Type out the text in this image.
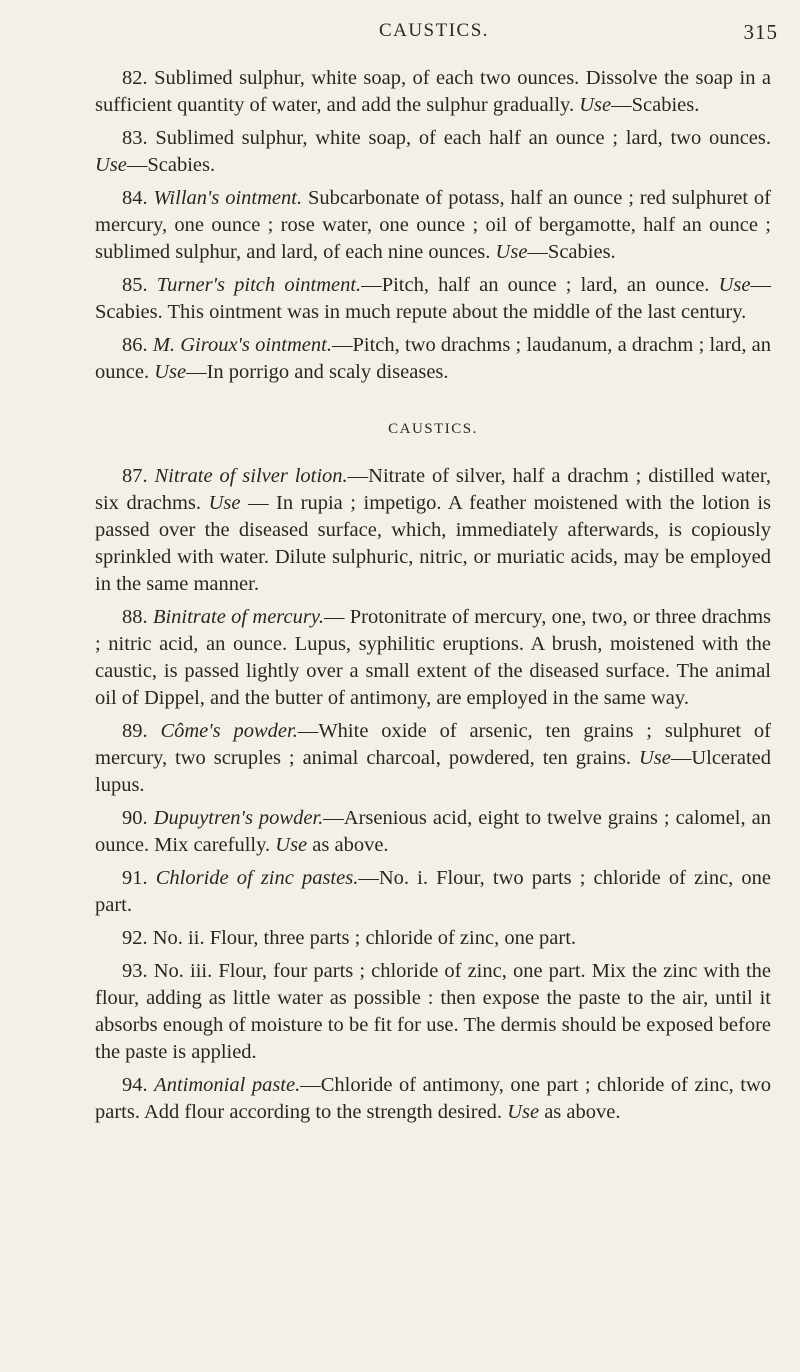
CAUSTICS.	315

82. Sublimed sulphur, white soap, of each two ounces. Dissolve the soap in a sufficient quantity of water, and add the sulphur gradually. Use—Scabies.

83. Sublimed sulphur, white soap, of each half an ounce ; lard, two ounces. Use—Scabies.

84. Willan's ointment. Subcarbonate of potass, half an ounce ; red sulphuret of mercury, one ounce ; rose water, one ounce ; oil of bergamotte, half an ounce ; sublimed sulphur, and lard, of each nine ounces. Use—Scabies.

85. Turner's pitch ointment.—Pitch, half an ounce ; lard, an ounce. Use—Scabies. This ointment was in much repute about the middle of the last century.

86. M. Giroux's ointment.—Pitch, two drachms ; laudanum, a drachm ; lard, an ounce. Use—In porrigo and scaly diseases.

CAUSTICS.

87. Nitrate of silver lotion.—Nitrate of silver, half a drachm ; distilled water, six drachms. Use — In rupia ; impetigo. A feather moistened with the lotion is passed over the diseased surface, which, immediately afterwards, is copiously sprinkled with water. Dilute sulphuric, nitric, or muriatic acids, may be employed in the same manner.

88. Binitrate of mercury.— Protonitrate of mercury, one, two, or three drachms ; nitric acid, an ounce. Lupus, syphilitic eruptions. A brush, moistened with the caustic, is passed lightly over a small extent of the diseased surface. The animal oil of Dippel, and the butter of antimony, are employed in the same way.

89. Côme's powder.—White oxide of arsenic, ten grains ; sulphuret of mercury, two scruples ; animal charcoal, powdered, ten grains. Use—Ulcerated lupus.

90. Dupuytren's powder.—Arsenious acid, eight to twelve grains ; calomel, an ounce. Mix carefully. Use as above.

91. Chloride of zinc pastes.—No. i. Flour, two parts ; chloride of zinc, one part.

92. No. ii. Flour, three parts ; chloride of zinc, one part.

93. No. iii. Flour, four parts ; chloride of zinc, one part. Mix the zinc with the flour, adding as little water as possible : then expose the paste to the air, until it absorbs enough of moisture to be fit for use. The dermis should be exposed before the paste is applied.

94. Antimonial paste.—Chloride of antimony, one part ; chloride of zinc, two parts. Add flour according to the strength desired. Use as above.
